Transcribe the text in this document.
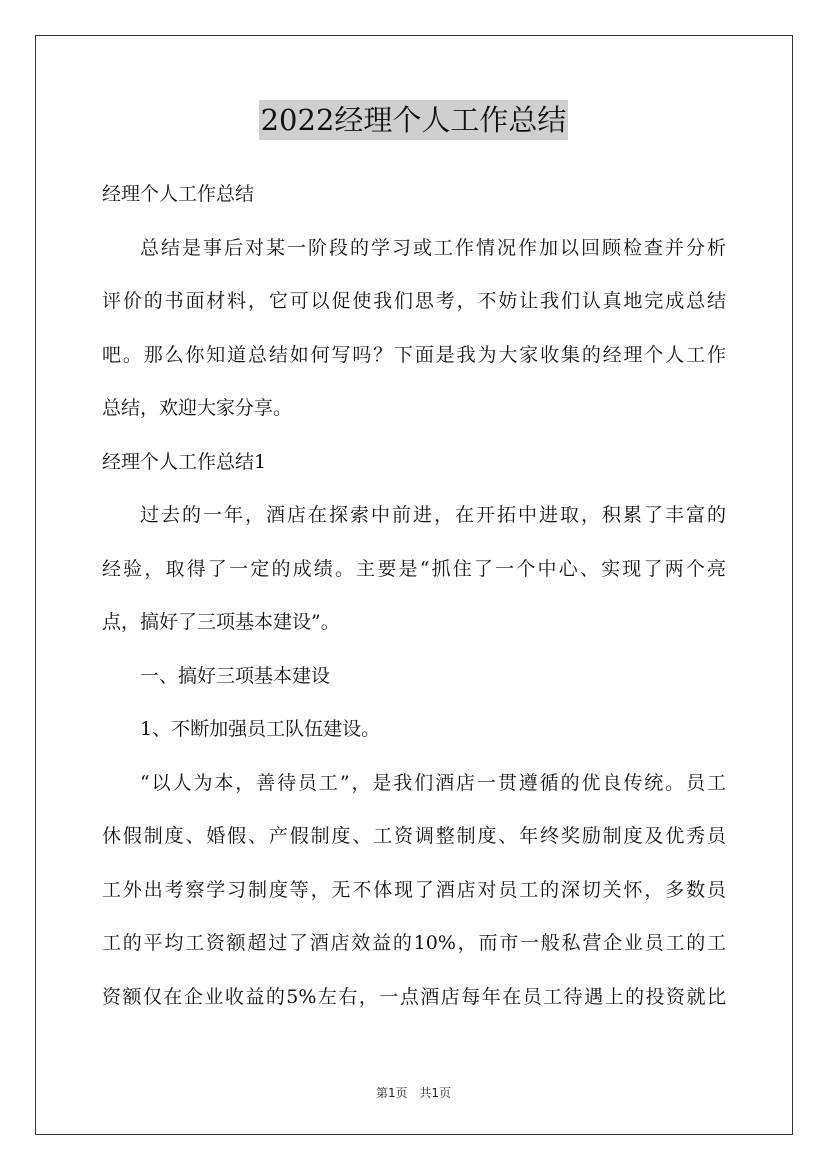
2022经理个人工作总结
经理个人工作总结
总结是事后对某一阶段的学习或工作情况作加以回顾检查并分析
评价的书面材料，它可以促使我们思考，不妨让我们认真地完成总结
吧。那么你知道总结如何写吗？下面是我为大家收集的经理个人工作
总结，欢迎大家分享。
经理个人工作总结1
过去的一年，酒店在探索中前进，在开拓中进取，积累了丰富的
经验，取得了一定的成绩。主要是“抓住了一个中心、实现了两个亮
点，搞好了三项基本建设”。
一、搞好三项基本建设
1、不断加强员工队伍建设。
“以人为本，善待员工”，是我们酒店一贯遵循的优良传统。员工
休假制度、婚假、产假制度、工资调整制度、年终奖励制度及优秀员
工外出考察学习制度等，无不体现了酒店对员工的深切关怀，多数员
工的平均工资额超过了酒店效益的10%，而市一般私营企业员工的工
资额仅在企业收益的5%左右，一点酒店每年在员工待遇上的投资就比
第1页 共1页
